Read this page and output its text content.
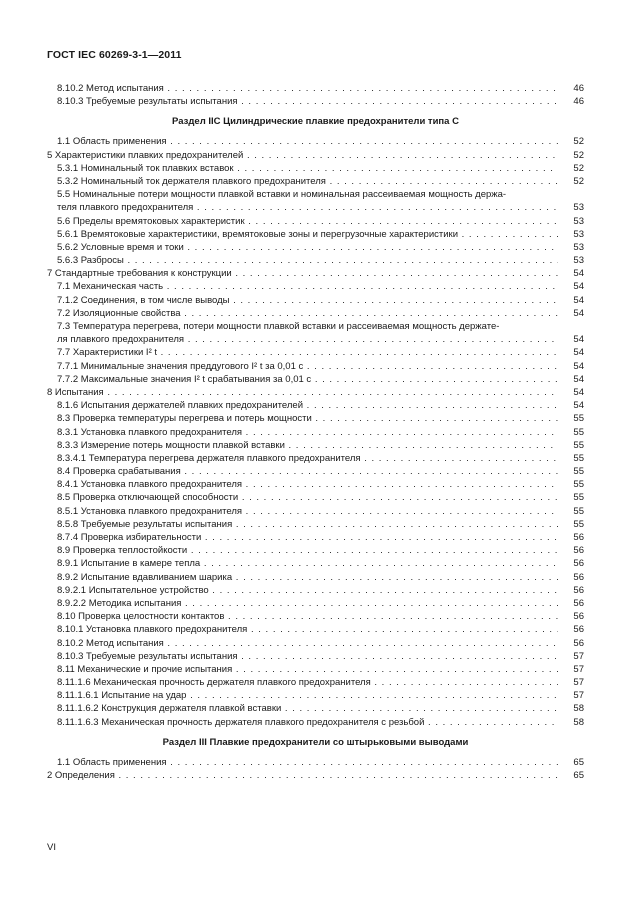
ГОСТ IEC 60269-3-1—2011
8.10.2 Метод испытания . . .	46
8.10.3 Требуемые результаты испытания . . .	46
Раздел IIC Цилиндрические плавкие предохранители типа С
1.1 Область применения . . .	52
5 Характеристики плавких предохранителей . . .	52
5.3.1 Номинальный ток плавких вставок . . .	52
5.3.2 Номинальный ток держателя плавкого предохранителя . . .	52
5.5 Номинальные потери мощности плавкой вставки и номинальная рассеиваемая мощность держа-
теля плавкого предохранителя . . .	53
5.6 Пределы времятоковых характеристик . . .	53
5.6.1 Времятоковые характеристики, времятоковые зоны и перегрузочные характеристики . . .	53
5.6.2 Условные время и токи . . .	53
5.6.3 Разбросы . . .	53
7 Стандартные требования к конструкции . . .	54
7.1 Механическая часть . . .	54
7.1.2 Соединения, в том числе выводы . . .	54
7.2 Изоляционные свойства . . .	54
7.3 Температура перегрева, потери мощности плавкой вставки и рассеиваемая мощность держате-
ля плавкого предохранителя . . .	54
7.7 Характеристики I² t . . .	54
7.7.1 Минимальные значения преддугового I² t за 0,01 с . . .	54
7.7.2 Максимальные значения I² t срабатывания за 0,01 с . . .	54
8 Испытания . . .	54
8.1.6 Испытания держателей плавких предохранителей . . .	54
8.3 Проверка температуры перегрева и потерь мощности . . .	55
8.3.1 Установка плавкого предохранителя . . .	55
8.3.3 Измерение потерь мощности плавкой вставки . . .	55
8.3.4.1 Температура перегрева держателя плавкого предохранителя . . .	55
8.4 Проверка срабатывания . . .	55
8.4.1 Установка плавкого предохранителя . . .	55
8.5 Проверка отключающей способности . . .	55
8.5.1 Установка плавкого предохранителя . . .	55
8.5.8 Требуемые результаты испытания . . .	55
8.7.4 Проверка избирательности . . .	56
8.9 Проверка теплостойкости . . .	56
8.9.1 Испытание в камере тепла . . .	56
8.9.2 Испытание вдавливанием шарика . . .	56
8.9.2.1 Испытательное устройство . . .	56
8.9.2.2 Методика испытания . . .	56
8.10 Проверка целостности контактов . . .	56
8.10.1 Установка плавкого предохранителя . . .	56
8.10.2 Метод испытания . . .	56
8.10.3 Требуемые результаты испытания . . .	57
8.11 Механические и прочие испытания . . .	57
8.11.1.6 Механическая прочность держателя плавкого предохранителя . . .	57
8.11.1.6.1 Испытание на удар . . .	57
8.11.1.6.2 Конструкция держателя плавкой вставки . . .	58
8.11.1.6.3 Механическая прочность держателя плавкого предохранителя с резьбой . . .	58
Раздел III Плавкие предохранители со штырьковыми выводами
1.1 Область применения . . .	65
2 Определения . . .	65
VI
